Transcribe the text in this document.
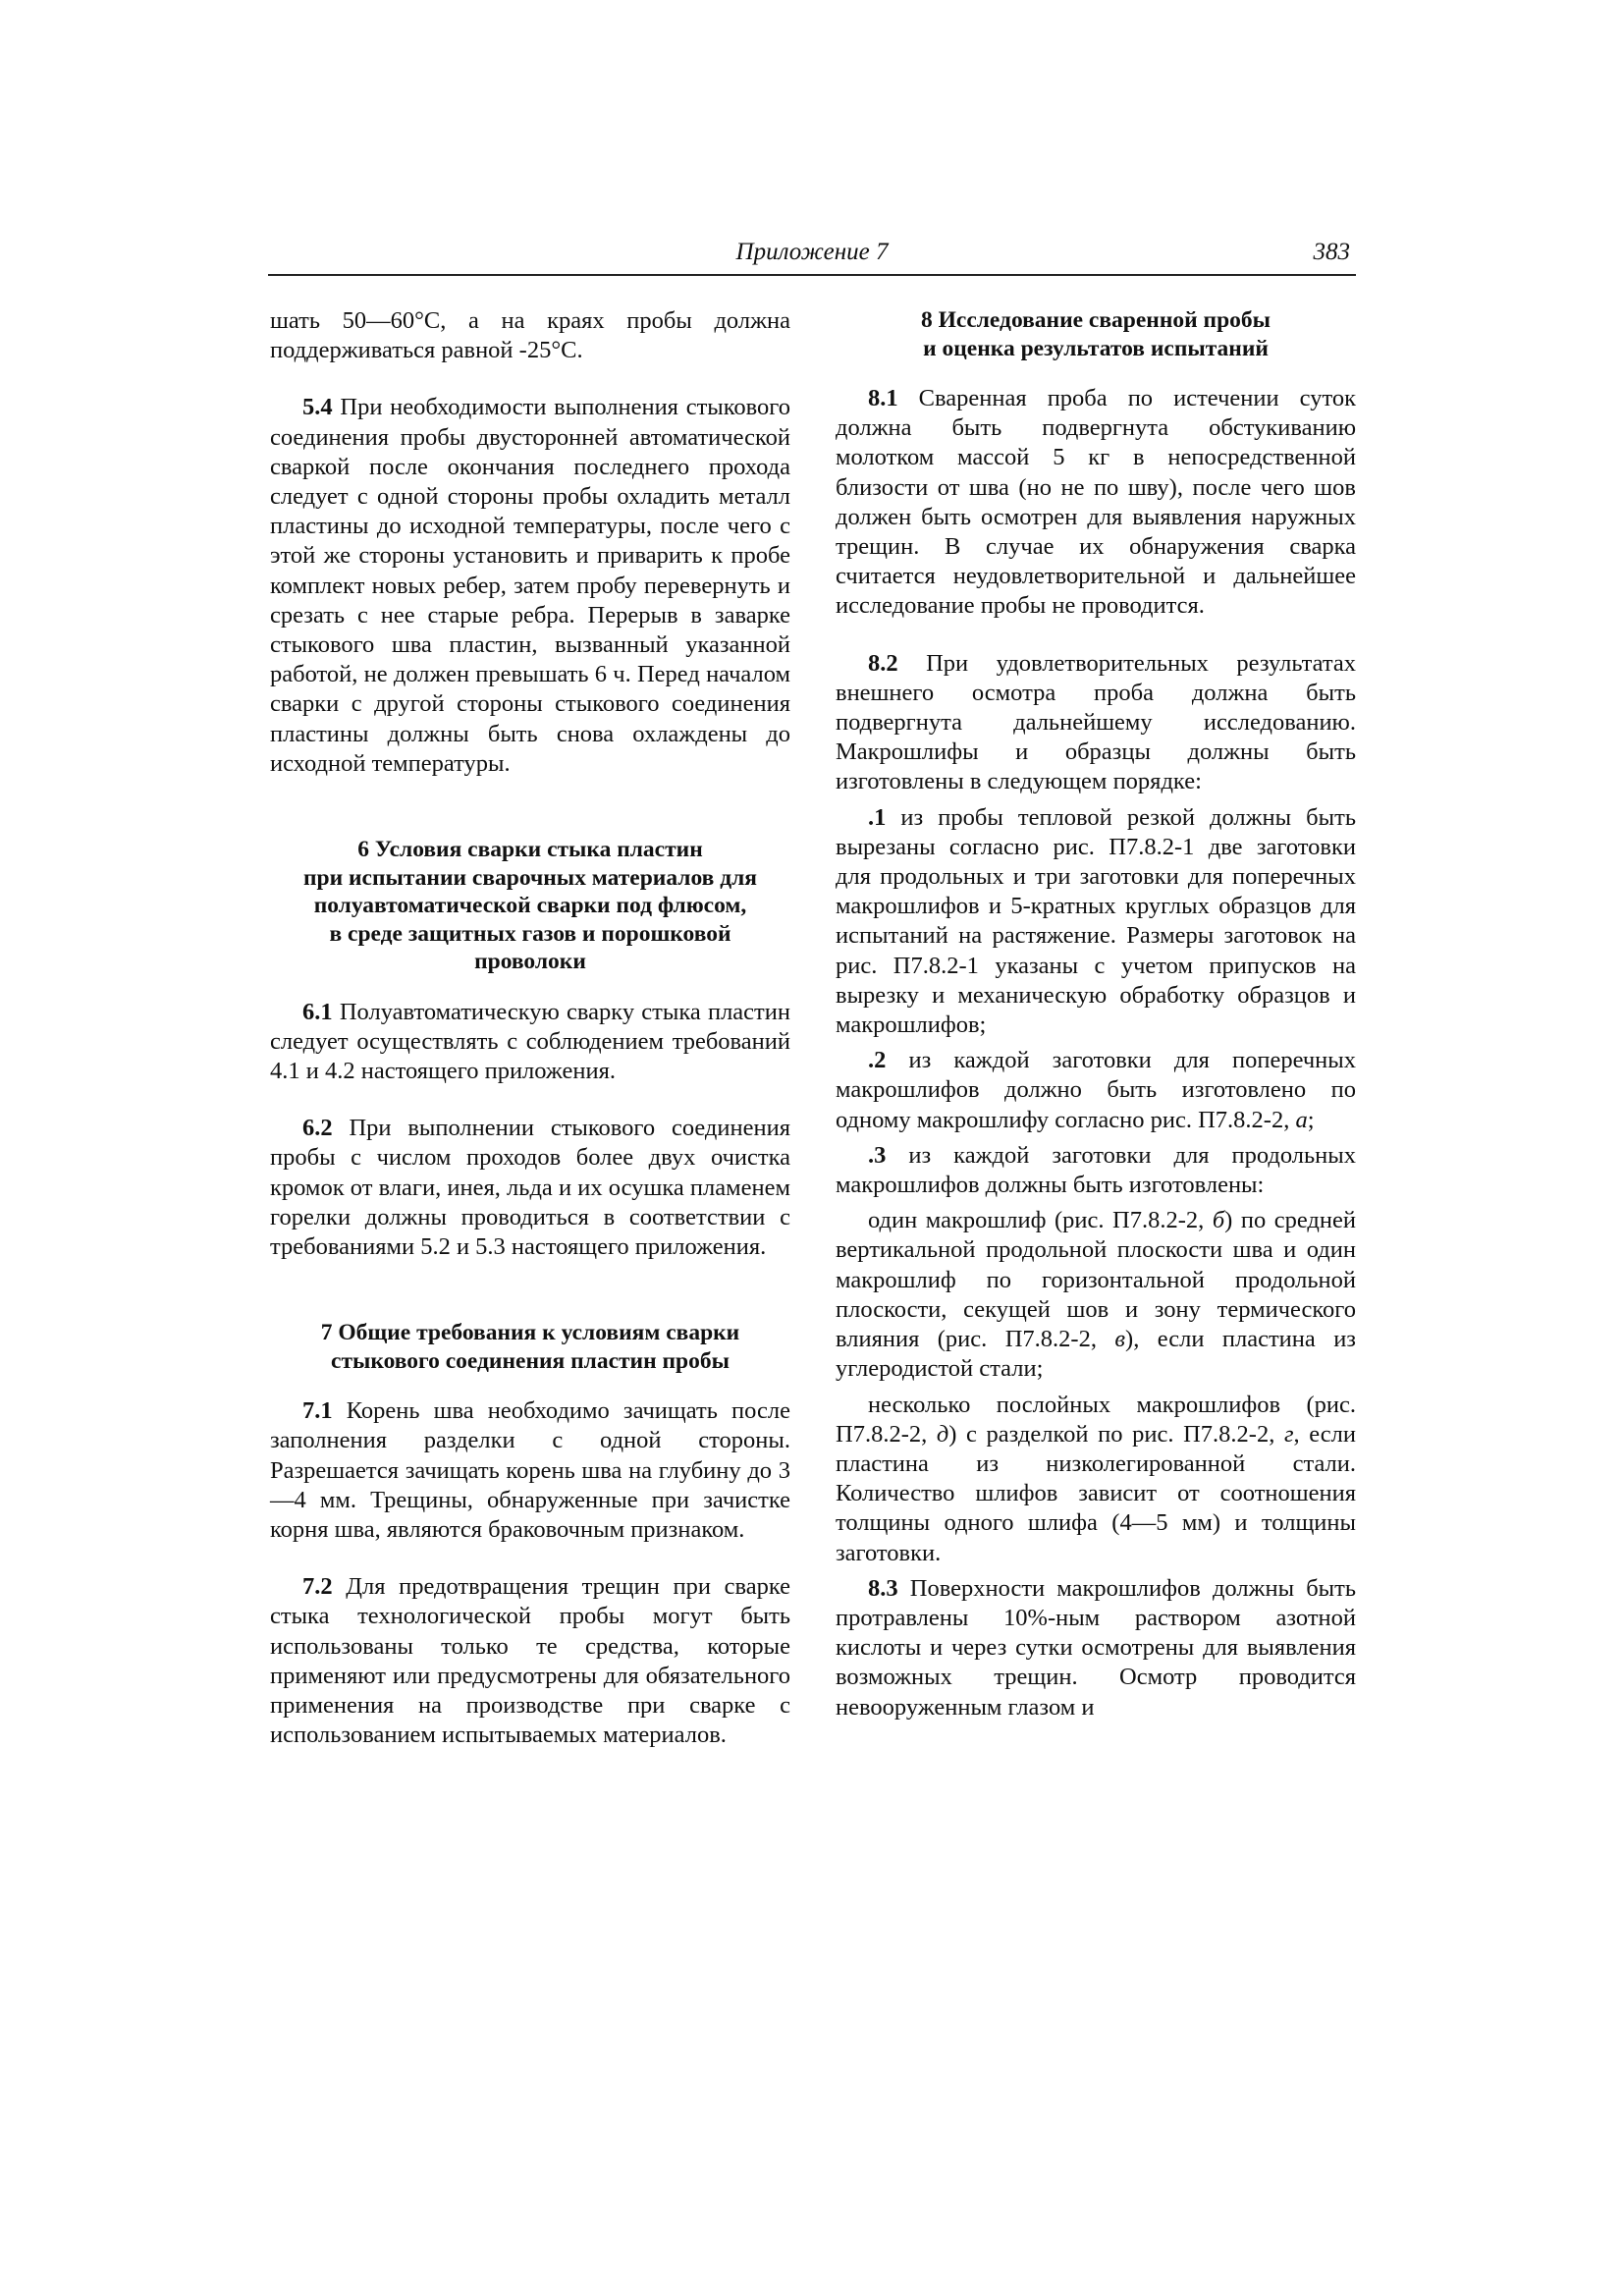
Приложение 7	383

шать 50—60°С, а на краях пробы должна поддерживаться равной -25°С.

5.4 При необходимости выполнения стыкового соединения пробы двусторонней автоматической сваркой после окончания последнего прохода следует с одной стороны пробы охладить металл пластины до исходной температуры, после чего с этой же стороны установить и приварить к пробе комплект новых ребер, затем пробу перевернуть и срезать с нее старые ребра. Перерыв в заварке стыкового шва пластин, вызванный указанной работой, не должен превышать 6 ч. Перед началом сварки с другой стороны стыкового соединения пластины должны быть снова охлаждены до исходной температуры.

6 Условия сварки стыка пластин
при испытании сварочных материалов для
полуавтоматической сварки под флюсом,
в среде защитных газов и порошковой
проволоки

6.1 Полуавтоматическую сварку стыка пластин следует осуществлять с соблюдением требований 4.1 и 4.2 настоящего приложения.

6.2 При выполнении стыкового соединения пробы с числом проходов более двух очистка кромок от влаги, инея, льда и их осушка пламенем горелки должны проводиться в соответствии с требованиями 5.2 и 5.3 настоящего приложения.

7 Общие требования к условиям сварки
стыкового соединения пластин пробы

7.1 Корень шва необходимо зачищать после заполнения разделки с одной стороны. Разрешается зачищать корень шва на глубину до 3—4 мм. Трещины, обнаруженные при зачистке корня шва, являются браковочным признаком.

7.2 Для предотвращения трещин при сварке стыка технологической пробы могут быть использованы только те средства, которые применяют или предусмотрены для обязательного применения на производстве при сварке с использованием испытываемых материалов.

8 Исследование сваренной пробы
и оценка результатов испытаний

8.1 Сваренная проба по истечении суток должна быть подвергнута обстукиванию молотком массой 5 кг в непосредственной близости от шва (но не по шву), после чего шов должен быть осмотрен для выявления наружных трещин. В случае их обнаружения сварка считается неудовлетворительной и дальнейшее исследование пробы не проводится.

8.2 При удовлетворительных результатах внешнего осмотра проба должна быть подвергнута дальнейшему исследованию. Макрошлифы и образцы должны быть изготовлены в следующем порядке:

.1 из пробы тепловой резкой должны быть вырезаны согласно рис. П7.8.2-1 две заготовки для продольных и три заготовки для поперечных макрошлифов и 5-кратных круглых образцов для испытаний на растяжение. Размеры заготовок на рис. П7.8.2-1 указаны с учетом припусков на вырезку и механическую обработку образцов и макрошлифов;

.2 из каждой заготовки для поперечных макрошлифов должно быть изготовлено по одному макрошлифу согласно рис. П7.8.2-2, а;

.3 из каждой заготовки для продольных макрошлифов должны быть изготовлены:

один макрошлиф (рис. П7.8.2-2, б) по средней вертикальной продольной плоскости шва и один макрошлиф по горизонтальной продольной плоскости, секущей шов и зону термического влияния (рис. П7.8.2-2, в), если пластина из углеродистой стали;

несколько послойных макрошлифов (рис. П7.8.2-2, д) с разделкой по рис. П7.8.2-2, г, если пластина из низколегированной стали. Количество шлифов зависит от соотношения толщины одного шлифа (4—5 мм) и толщины заготовки.

8.3 Поверхности макрошлифов должны быть протравлены 10%-ным раствором азотной кислоты и через сутки осмотрены для выявления возможных трещин. Осмотр проводится невооруженным глазом и
